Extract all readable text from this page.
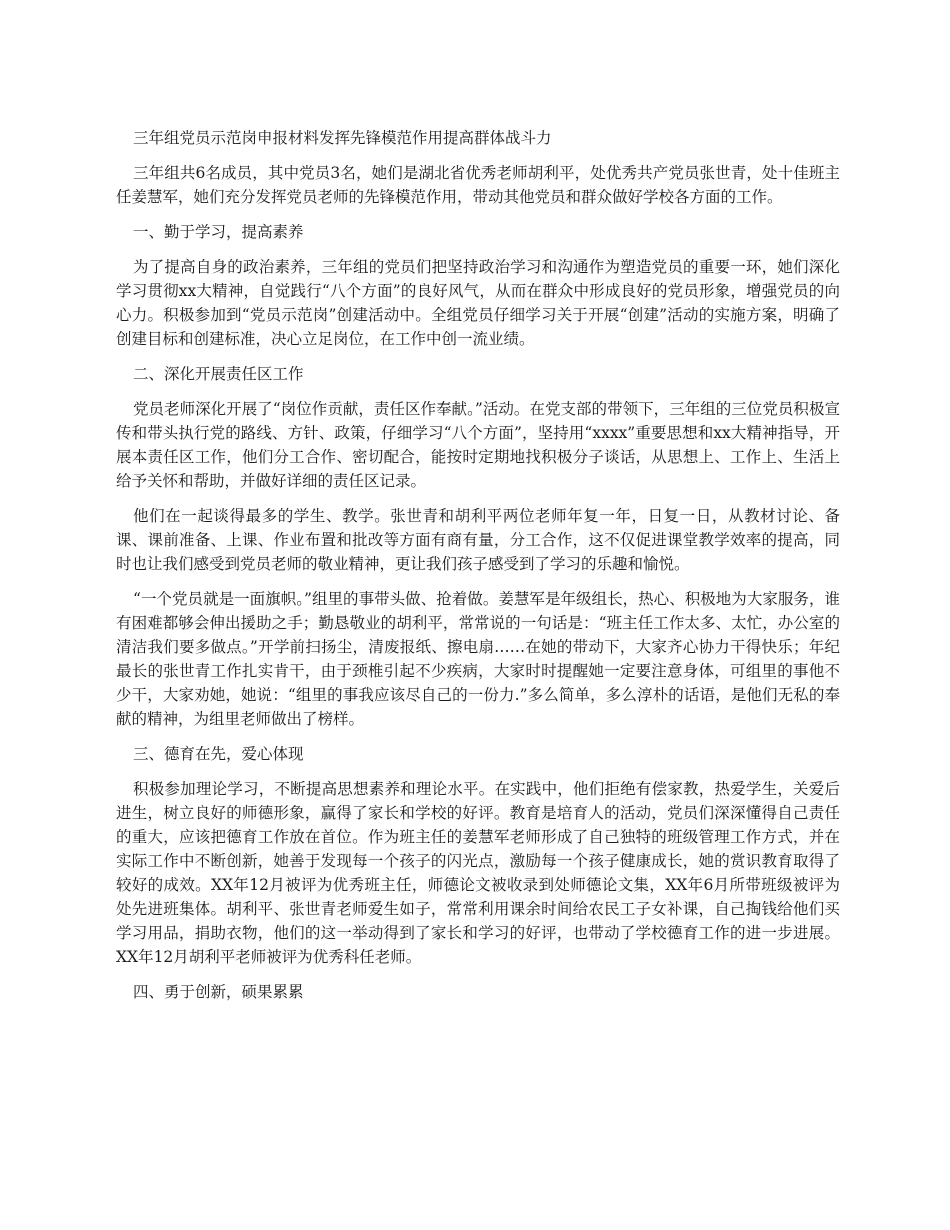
三年组党员示范岗申报材料发挥先锋模范作用提高群体战斗力

三年组共6名成员，其中党员3名，她们是湖北省优秀老师胡利平，处优秀共产党员张世青，处十佳班主任姜慧军，她们充分发挥党员老师的先锋模范作用，带动其他党员和群众做好学校各方面的工作。

一、勤于学习，提高素养

为了提高自身的政治素养，三年组的党员们把坚持政治学习和沟通作为塑造党员的重要一环，她们深化学习贯彻xx大精神，自觉践行“八个方面”的良好风气，从而在群众中形成良好的党员形象，增强党员的向心力。积极参加到“党员示范岗”创建活动中。全组党员仔细学习关于开展“创建”活动的实施方案，明确了创建目标和创建标准，决心立足岗位，在工作中创一流业绩。

二、深化开展责任区工作

党员老师深化开展了“岗位作贡献，责任区作奉献。”活动。在党支部的带领下，三年组的三位党员积极宣传和带头执行党的路线、方针、政策，仔细学习“八个方面”，坚持用“xxxx”重要思想和xx大精神指导，开展本责任区工作，他们分工合作、密切配合，能按时定期地找积极分子谈话，从思想上、工作上、生活上给予关怀和帮助，并做好详细的责任区记录。

他们在一起谈得最多的学生、教学。张世青和胡利平两位老师年复一年，日复一日，从教材讨论、备课、课前准备、上课、作业布置和批改等方面有商有量，分工合作，这不仅促进课堂教学效率的提高，同时也让我们感受到党员老师的敬业精神，更让我们孩子感受到了学习的乐趣和愉悦。

“一个党员就是一面旗帜。”组里的事带头做、抢着做。姜慧军是年级组长，热心、积极地为大家服务，谁有困难都够会伸出援助之手；勤恳敬业的胡利平，常常说的一句话是：“班主任工作太多、太忙，办公室的清洁我们要多做点。”开学前扫扬尘，清废报纸、擦电扇……在她的带动下，大家齐心协力干得快乐；年纪最长的张世青工作扎实肯干，由于颈椎引起不少疾病，大家时时提醒她一定要注意身体，可组里的事他不少干，大家劝她，她说：“组里的事我应该尽自己的一份力.”多么简单，多么淳朴的话语，是他们无私的奉献的精神，为组里老师做出了榜样。

三、德育在先，爱心体现

积极参加理论学习，不断提高思想素养和理论水平。在实践中，他们拒绝有偿家教，热爱学生，关爱后进生，树立良好的师德形象，赢得了家长和学校的好评。教育是培育人的活动，党员们深深懂得自己责任的重大，应该把德育工作放在首位。作为班主任的姜慧军老师形成了自己独特的班级管理工作方式，并在实际工作中不断创新，她善于发现每一个孩子的闪光点，激励每一个孩子健康成长，她的赏识教育取得了较好的成效。XX年12月被评为优秀班主任，师德论文被收录到处师德论文集，XX年6月所带班级被评为处先进班集体。胡利平、张世青老师爱生如子，常常利用课余时间给农民工子女补课，自己掏钱给他们买学习用品，捐助衣物，他们的这一举动得到了家长和学习的好评，也带动了学校德育工作的进一步进展。XX年12月胡利平老师被评为优秀科任老师。

四、勇于创新，硕果累累
